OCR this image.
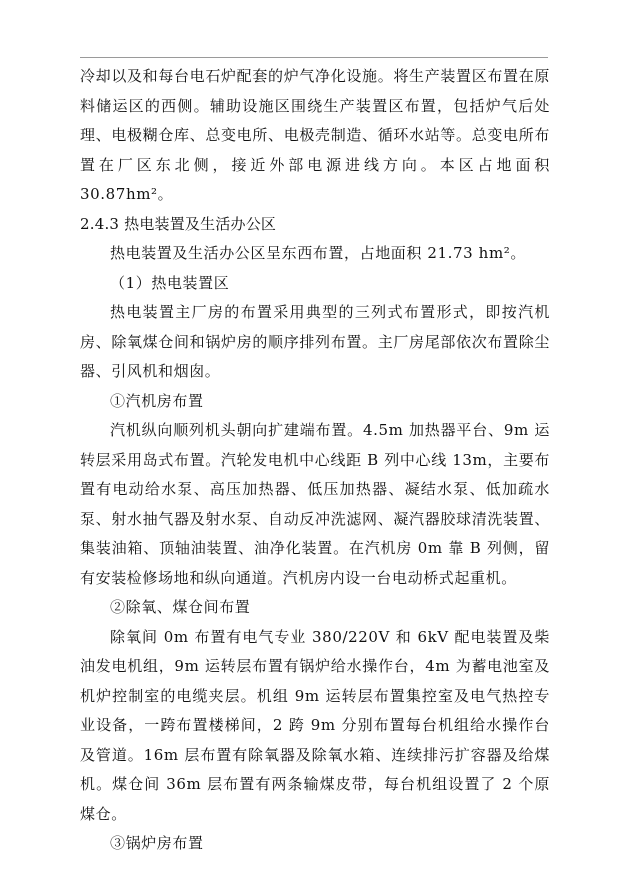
冷却以及和每台电石炉配套的炉气净化设施。将生产装置区布置在原料储运区的西侧。辅助设施区围绕生产装置区布置，包括炉气后处理、电极糊仓库、总变电所、电极壳制造、循环水站等。总变电所布置在厂区东北侧，接近外部电源进线方向。本区占地面积 30.87hm²。

2.4.3 热电装置及生活办公区

热电装置及生活办公区呈东西布置，占地面积 21.73 hm²。

（1）热电装置区

热电装置主厂房的布置采用典型的三列式布置形式，即按汽机房、除氧煤仓间和锅炉房的顺序排列布置。主厂房尾部依次布置除尘器、引风机和烟囱。

①汽机房布置

汽机纵向顺列机头朝向扩建端布置。4.5m 加热器平台、9m 运转层采用岛式布置。汽轮发电机中心线距 B 列中心线 13m，主要布置有电动给水泵、高压加热器、低压加热器、凝结水泵、低加疏水泵、射水抽气器及射水泵、自动反冲洗滤网、凝汽器胶球清洗装置、集装油箱、顶轴油装置、油净化装置。在汽机房 0m 靠 B 列侧，留有安装检修场地和纵向通道。汽机房内设一台电动桥式起重机。

②除氧、煤仓间布置

除氧间 0m 布置有电气专业 380/220V 和 6kV 配电装置及柴油发电机组，9m 运转层布置有锅炉给水操作台，4m 为蓄电池室及机炉控制室的电缆夹层。机组 9m 运转层布置集控室及电气热控专业设备，一跨布置楼梯间，2 跨 9m 分别布置每台机组给水操作台及管道。16m 层布置有除氧器及除氧水箱、连续排污扩容器及给煤机。煤仓间 36m 层布置有两条输煤皮带，每台机组设置了 2 个原煤仓。

③锅炉房布置
